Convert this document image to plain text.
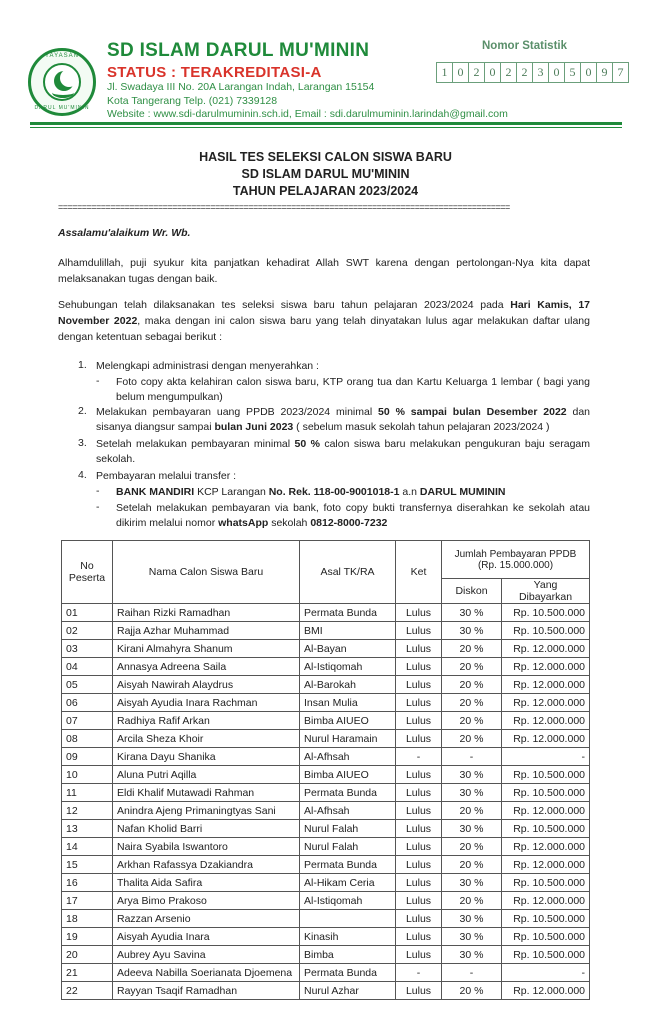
YAYASAN
DARUL MU'MININ
SD ISLAM DARUL MU'MININ
STATUS : TERAKREDITASI-A
Jl. Swadaya III No. 20A Larangan Indah, Larangan 15154
Kota Tangerang Telp. (021) 7339128
Website : www.sdi-darulmuminin.sch.id, Email : sdi.darulmuminin.larindah@gmail.com
Nomor Statistik
1 0 2 0 2 2 3 0 5 0 9 7
HASIL TES SELEKSI CALON SISWA BARU
SD ISLAM DARUL MU'MININ
TAHUN PELAJARAN 2023/2024
===============================================================================================
Assalamu'alaikum Wr. Wb.
Alhamdulillah, puji syukur kita panjatkan kehadirat Allah SWT karena dengan pertolongan-Nya kita dapat melaksanakan tugas dengan baik.
Sehubungan telah dilaksanakan tes seleksi siswa baru tahun pelajaran 2023/2024 pada Hari Kamis, 17 November 2022, maka dengan ini calon siswa baru yang telah dinyatakan lulus agar melakukan daftar ulang dengan ketentuan sebagai berikut :
1. Melengkapi administrasi dengan menyerahkan :
- Foto copy akta kelahiran calon siswa baru, KTP orang tua dan Kartu Keluarga 1 lembar ( bagi yang belum mengumpulkan)
2. Melakukan pembayaran uang PPDB 2023/2024 minimal 50 % sampai bulan Desember 2022 dan sisanya diangsur sampai bulan Juni 2023 ( sebelum masuk sekolah tahun pelajaran 2023/2024 )
3. Setelah melakukan pembayaran minimal 50 % calon siswa baru melakukan pengukuran baju seragam sekolah.
4. Pembayaran melalui transfer :
- BANK MANDIRI KCP Larangan No. Rek. 118-00-9001018-1 a.n DARUL MUMININ
- Setelah melakukan pembayaran via bank, foto copy bukti transfernya diserahkan ke sekolah atau dikirim melalui nomor whatsApp sekolah 0812-8000-7232
No Peserta	Nama Calon Siswa Baru	Asal TK/RA	Ket	Jumlah Pembayaran PPDB (Rp. 15.000.000)	
				Diskon	Yang Dibayarkan
01	Raihan Rizki Ramadhan	Permata Bunda	Lulus	30 %	Rp. 10.500.000
02	Rajja Azhar Muhammad	BMI	Lulus	30 %	Rp. 10.500.000
03	Kirani Almahyra Shanum	Al-Bayan	Lulus	20 %	Rp. 12.000.000
04	Annasya Adreena Saila	Al-Istiqomah	Lulus	20 %	Rp. 12.000.000
05	Aisyah Nawirah Alaydrus	Al-Barokah	Lulus	20 %	Rp. 12.000.000
06	Aisyah Ayudia Inara Rachman	Insan Mulia	Lulus	20 %	Rp. 12.000.000
07	Radhiya Rafif Arkan	Bimba AIUEO	Lulus	20 %	Rp. 12.000.000
08	Arcila Sheza Khoir	Nurul Haramain	Lulus	20 %	Rp. 12.000.000
09	Kirana Dayu Shanika	Al-Afhsah	-	-	-
10	Aluna Putri Aqilla	Bimba AIUEO	Lulus	30 %	Rp. 10.500.000
11	Eldi Khalif Mutawadi Rahman	Permata Bunda	Lulus	30 %	Rp. 10.500.000
12	Anindra Ajeng Primaningtyas Sani	Al-Afhsah	Lulus	20 %	Rp. 12.000.000
13	Nafan Kholid Barri	Nurul Falah	Lulus	30 %	Rp. 10.500.000
14	Naira Syabila Iswantoro	Nurul Falah	Lulus	20 %	Rp. 12.000.000
15	Arkhan Rafassya Dzakiandra	Permata Bunda	Lulus	20 %	Rp. 12.000.000
16	Thalita Aida Safira	Al-Hikam Ceria	Lulus	30 %	Rp. 10.500.000
17	Arya Bimo Prakoso	Al-Istiqomah	Lulus	20 %	Rp. 12.000.000
18	Razzan Arsenio		Lulus	30 %	Rp. 10.500.000
19	Aisyah Ayudia Inara	Kinasih	Lulus	30 %	Rp. 10.500.000
20	Aubrey Ayu Savina	Bimba	Lulus	30 %	Rp. 10.500.000
21	Adeeva Nabilla Soerianata Djoemena	Permata Bunda	-	-	-
22	Rayyan Tsaqif Ramadhan	Nurul Azhar	Lulus	20 %	Rp. 12.000.000
